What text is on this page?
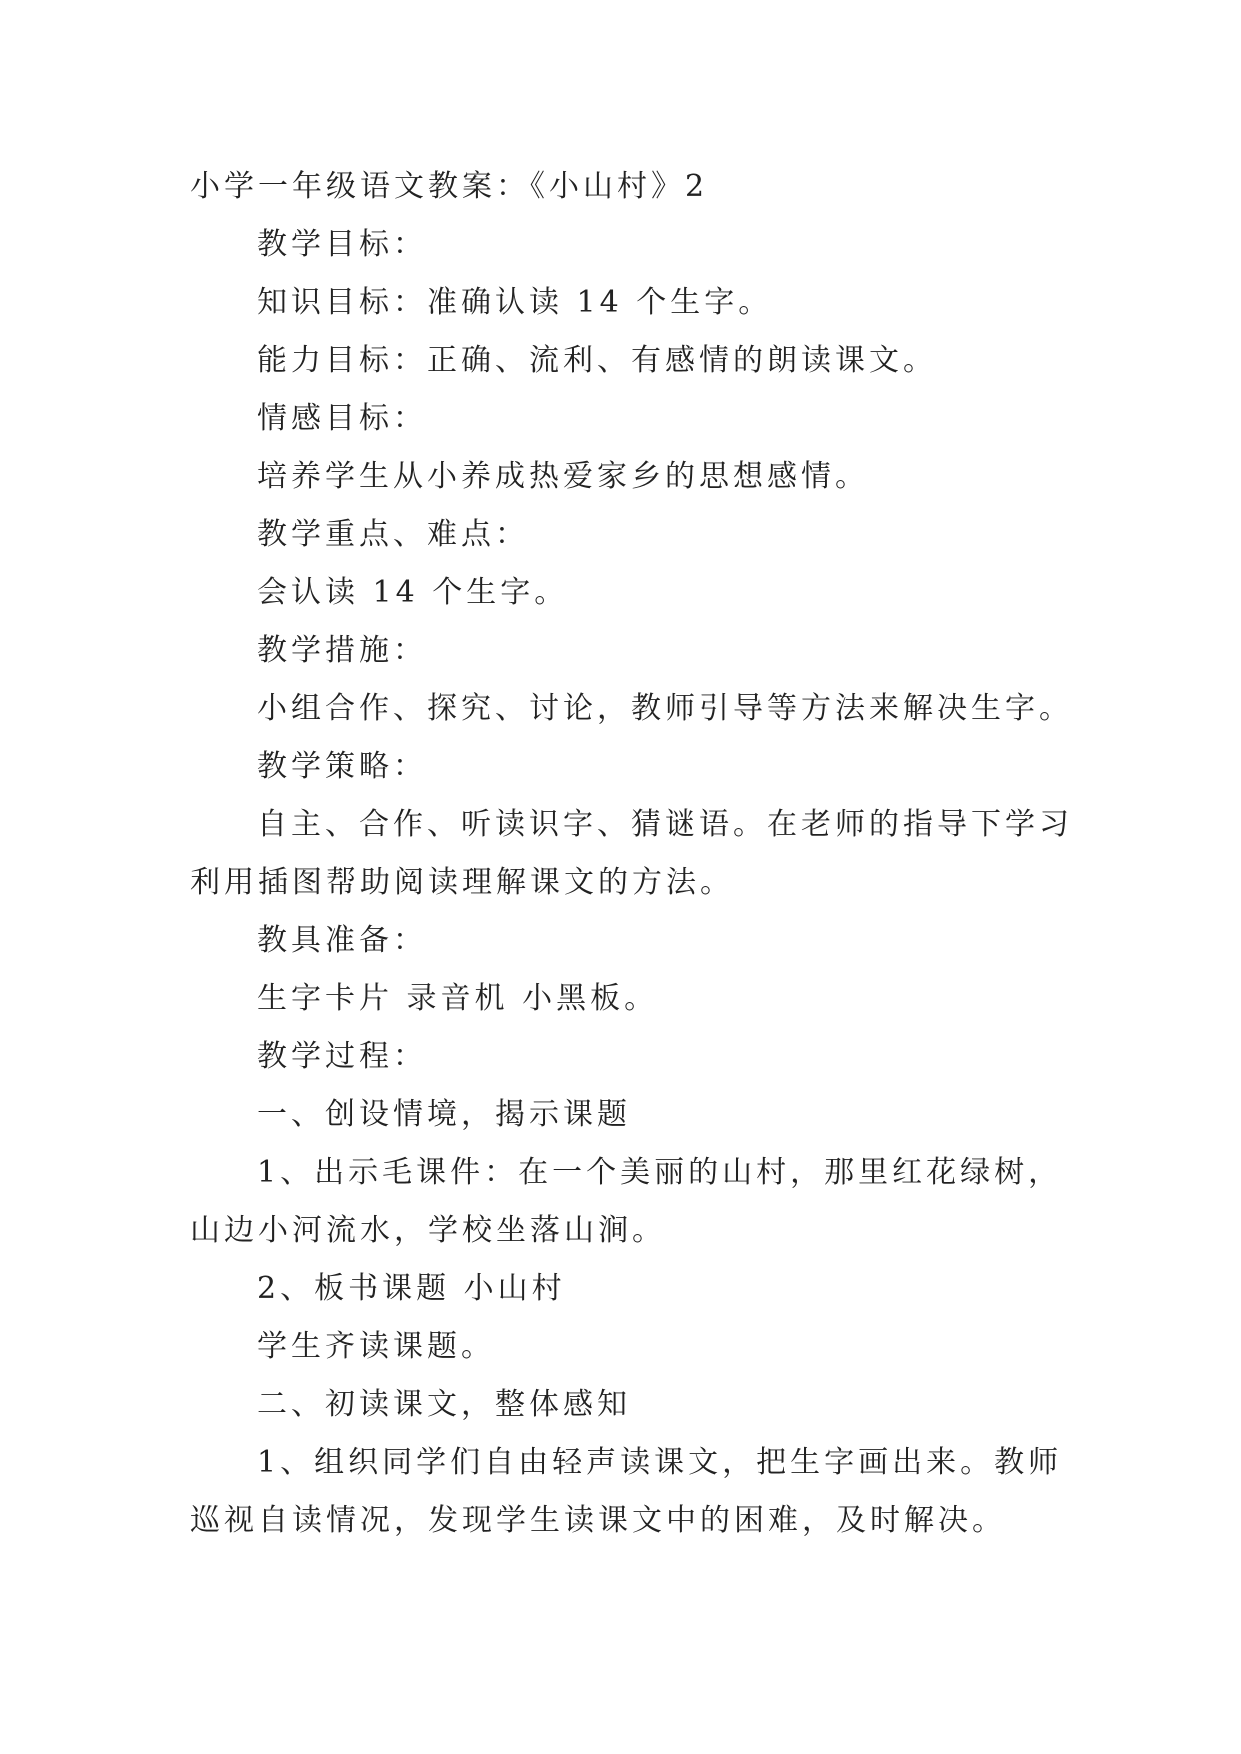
小学一年级语文教案：《小山村》2
教学目标：
知识目标：准确认读 14 个生字。
能力目标：正确、流利、有感情的朗读课文。
情感目标：
培养学生从小养成热爱家乡的思想感情。
教学重点、难点：
会认读 14 个生字。
教学措施：
小组合作、探究、讨论，教师引导等方法来解决生字。
教学策略：
自主、合作、听读识字、猜谜语。在老师的指导下学习
利用插图帮助阅读理解课文的方法。
教具准备：
生字卡片 录音机 小黑板。
教学过程：
一、创设情境，揭示课题
1、出示毛课件：在一个美丽的山村，那里红花绿树，
山边小河流水，学校坐落山涧。
2、板书课题 小山村
学生齐读课题。
二、初读课文，整体感知
1、组织同学们自由轻声读课文，把生字画出来。教师
巡视自读情况，发现学生读课文中的困难，及时解决。
